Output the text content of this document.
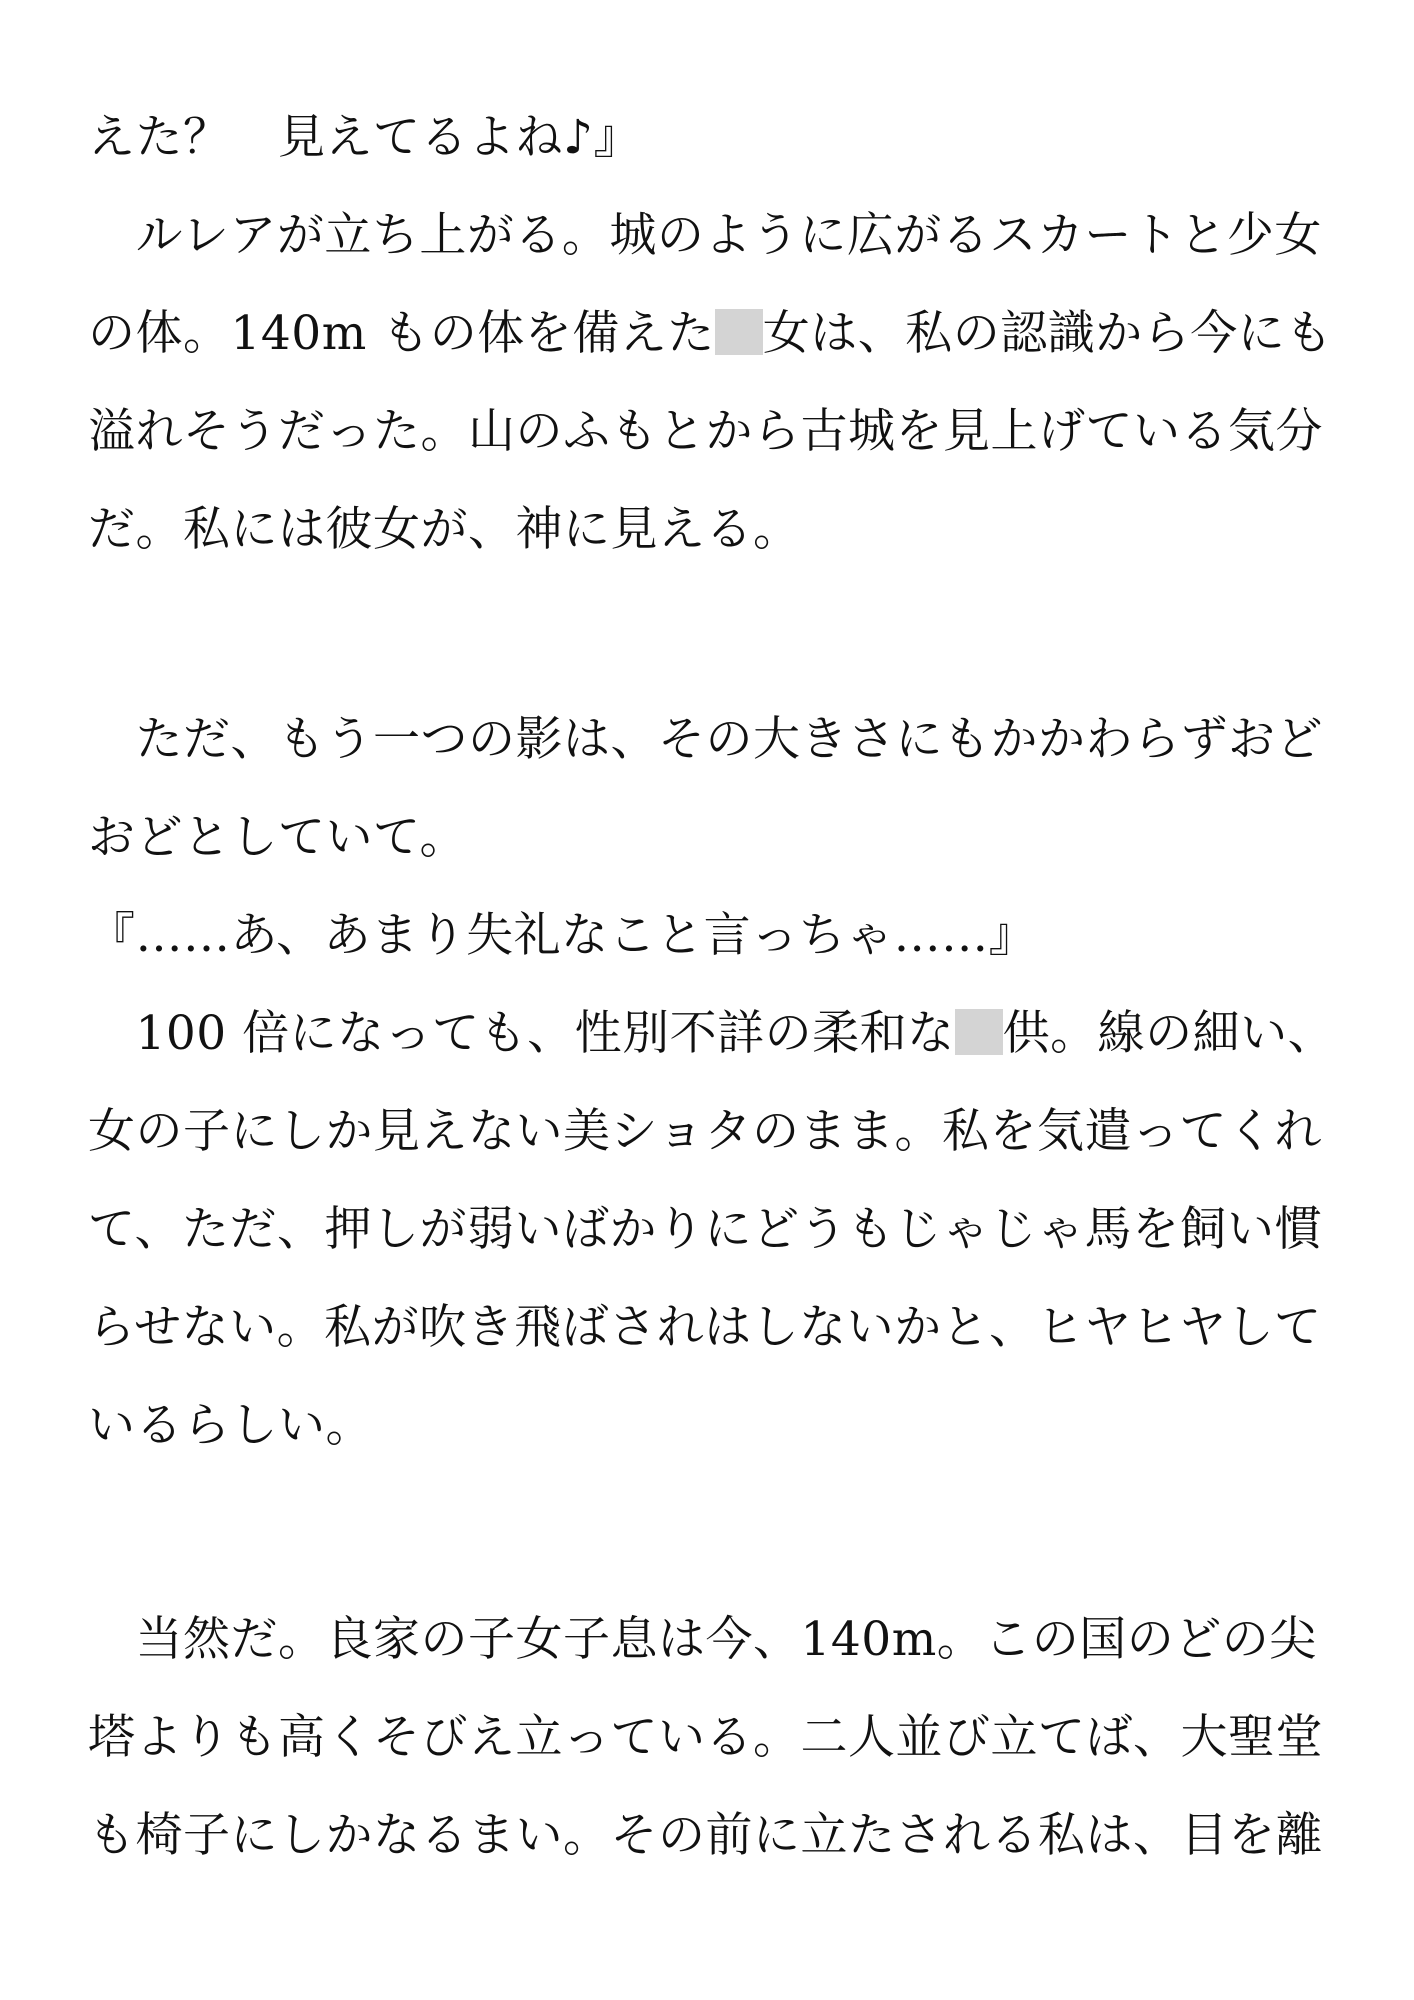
えた？　見えてるよね♪』
　ルレアが立ち上がる。城のように広がるスカートと少女
の体。140m もの体を備えた 女は、私の認識から今にも
溢れそうだった。山のふもとから古城を見上げている気分
だ。私には彼女が、神に見える。
　ただ、もう一つの影は、その大きさにもかかわらずおど
おどとしていて。
『……あ、あまり失礼なこと言っちゃ……』
　100 倍になっても、性別不詳の柔和な 供。線の細い、
女の子にしか見えない美ショタのまま。私を気遣ってくれ
て、ただ、押しが弱いばかりにどうもじゃじゃ馬を飼い慣
らせない。私が吹き飛ばされはしないかと、ヒヤヒヤして
いるらしい。
　当然だ。良家の子女子息は今、140m。この国のどの尖
塔よりも高くそびえ立っている。二人並び立てば、大聖堂
も椅子にしかなるまい。その前に立たされる私は、目を離
